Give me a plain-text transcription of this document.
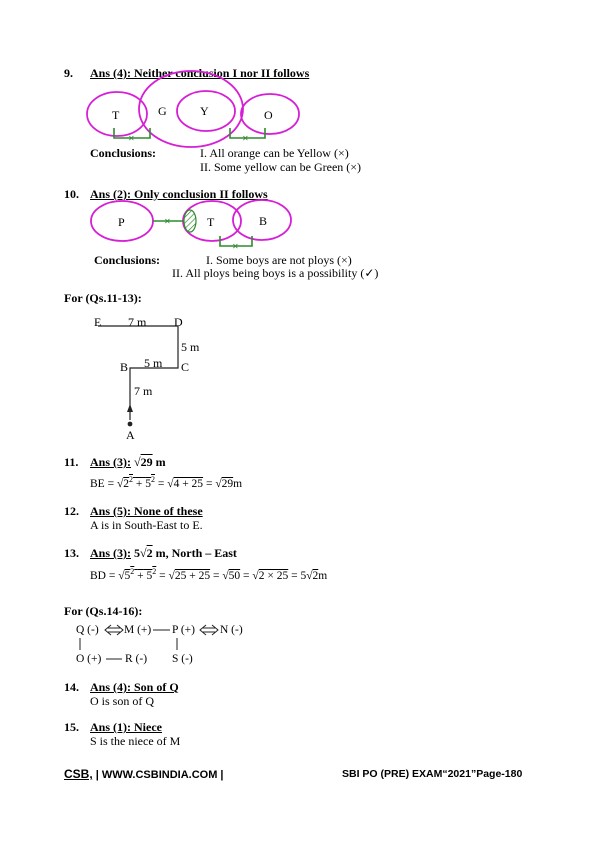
9. Ans (4): Neither conclusion I nor II follows
✕	✕
T	G	Y	O
Conclusions:	I. All orange can be Yellow (×)
II. Some yellow can be Green (×)
10. Ans (2): Only conclusion II follows
✕
✕
P	T	B
Conclusions:	I. Some boys are not ploys (×)
II. All ploys being boys is a possibility (✓)
For (Qs.11-13):
E	D
B	C
A
7 m
5 m
5 m
7 m
11. Ans (3): √29 m
BE = $√2^2 + 5^2 = √4 + 25 = √29m$
12. Ans (5): None of these
A is in South-East to E.
13. Ans (3): 5√2 m, North – East
BD = $√5^2 + 5^2 = √25 + 25 = √50 = √2 \times 25 = 5√2m$
For (Qs.14-16):
Q (-) M (+) P (+) N (-)
O (+) R (-) S (-)
14. Ans (4): Son of Q
O is son of Q
15. Ans (1): Niece
S is the niece of M
CSB, | WWW.CSBINDIA.COM |	SBI PO (PRE) EXAM“2021”Page-180
